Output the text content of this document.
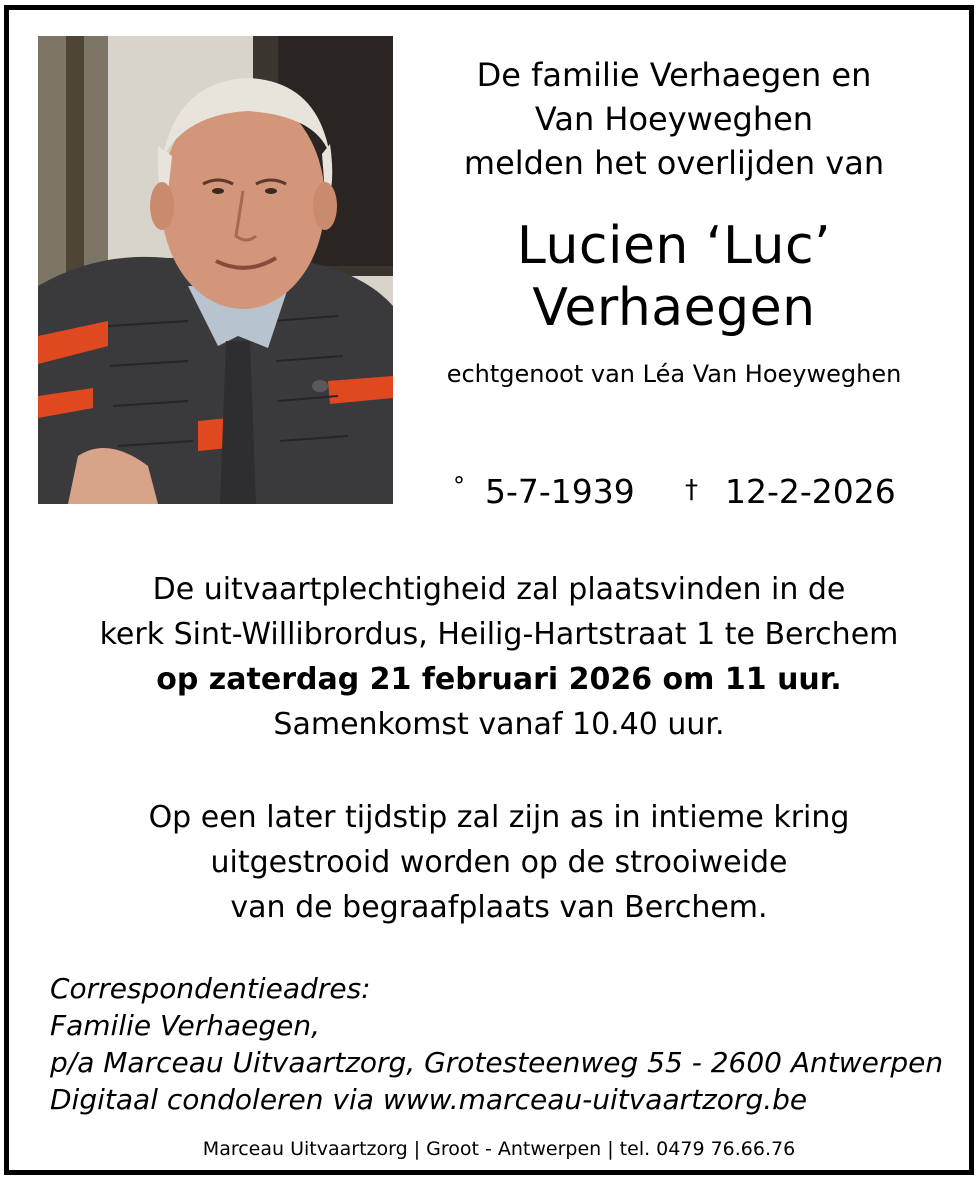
De familie Verhaegen en
Van Hoeyweghen
melden het overlijden van
Lucien ‘Luc’
Verhaegen
echtgenoot van Léa Van Hoeyweghen
° 5-7-1939 † 12-2-2026
De uitvaartplechtigheid zal plaatsvinden in de
kerk Sint-Willibrordus, Heilig-Hartstraat 1 te Berchem
op zaterdag 21 februari 2026 om 11 uur.
Samenkomst vanaf 10.40 uur.
Op een later tijdstip zal zijn as in intieme kring
uitgestrooid worden op de strooiweide
van de begraafplaats van Berchem.
Correspondentieadres:
Familie Verhaegen,
p/a Marceau Uitvaartzorg, Grotesteenweg 55 - 2600 Antwerpen
Digitaal condoleren via www.marceau-uitvaartzorg.be
Marceau Uitvaartzorg | Groot - Antwerpen | tel. 0479 76.66.76
